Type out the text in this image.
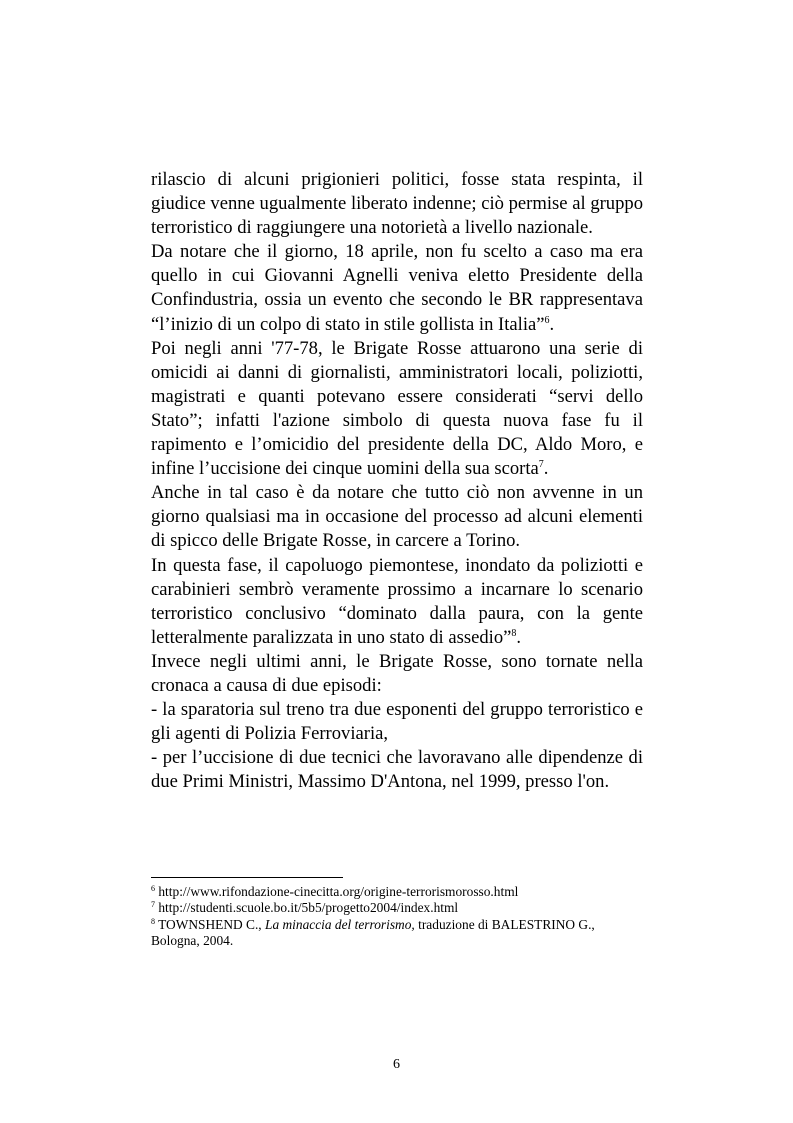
rilascio di alcuni prigionieri politici, fosse stata respinta, il giudice venne ugualmente liberato indenne; ciò permise al gruppo terroristico di raggiungere una notorietà a livello nazionale.

Da notare che il giorno, 18 aprile, non fu scelto a caso ma era quello in cui Giovanni Agnelli veniva eletto Presidente della Confindustria, ossia un evento che secondo le BR rappresentava “l’inizio di un colpo di stato in stile gollista in Italia”$^6$.

Poi negli anni '77-78, le Brigate Rosse attuarono una serie di omicidi ai danni di giornalisti, amministratori locali, poliziotti, magistrati e quanti potevano essere considerati “servi dello Stato”; infatti l'azione simbolo di questa nuova fase fu il rapimento e l’omicidio del presidente della DC, Aldo Moro, e infine l’uccisione dei cinque uomini della sua scorta$^7$.

Anche in tal caso è da notare che tutto ciò non avvenne in un giorno qualsiasi ma in occasione del processo ad alcuni elementi di spicco delle Brigate Rosse, in carcere a Torino.

In questa fase, il capoluogo piemontese, inondato da poliziotti e carabinieri sembrò veramente prossimo a incarnare lo scenario terroristico conclusivo “dominato dalla paura, con la gente letteralmente paralizzata in uno stato di assedio”$^8$.

Invece negli ultimi anni, le Brigate Rosse, sono tornate nella cronaca a causa di due episodi:

- la sparatoria sul treno tra due esponenti del gruppo terroristico e gli agenti di Polizia Ferroviaria,

- per l’uccisione di due tecnici che lavoravano alle dipendenze di due Primi Ministri, Massimo D'Antona, nel 1999, presso l'on.

$^6$ http://www.rifondazione-cinecitta.org/origine-terrorismorosso.html

$^7$ http://studenti.scuole.bo.it/5b5/progetto2004/index.html

$^8$ TOWNSHEND C., La minaccia del terrorismo, traduzione di BALESTRINO G., Bologna, 2004.

6
